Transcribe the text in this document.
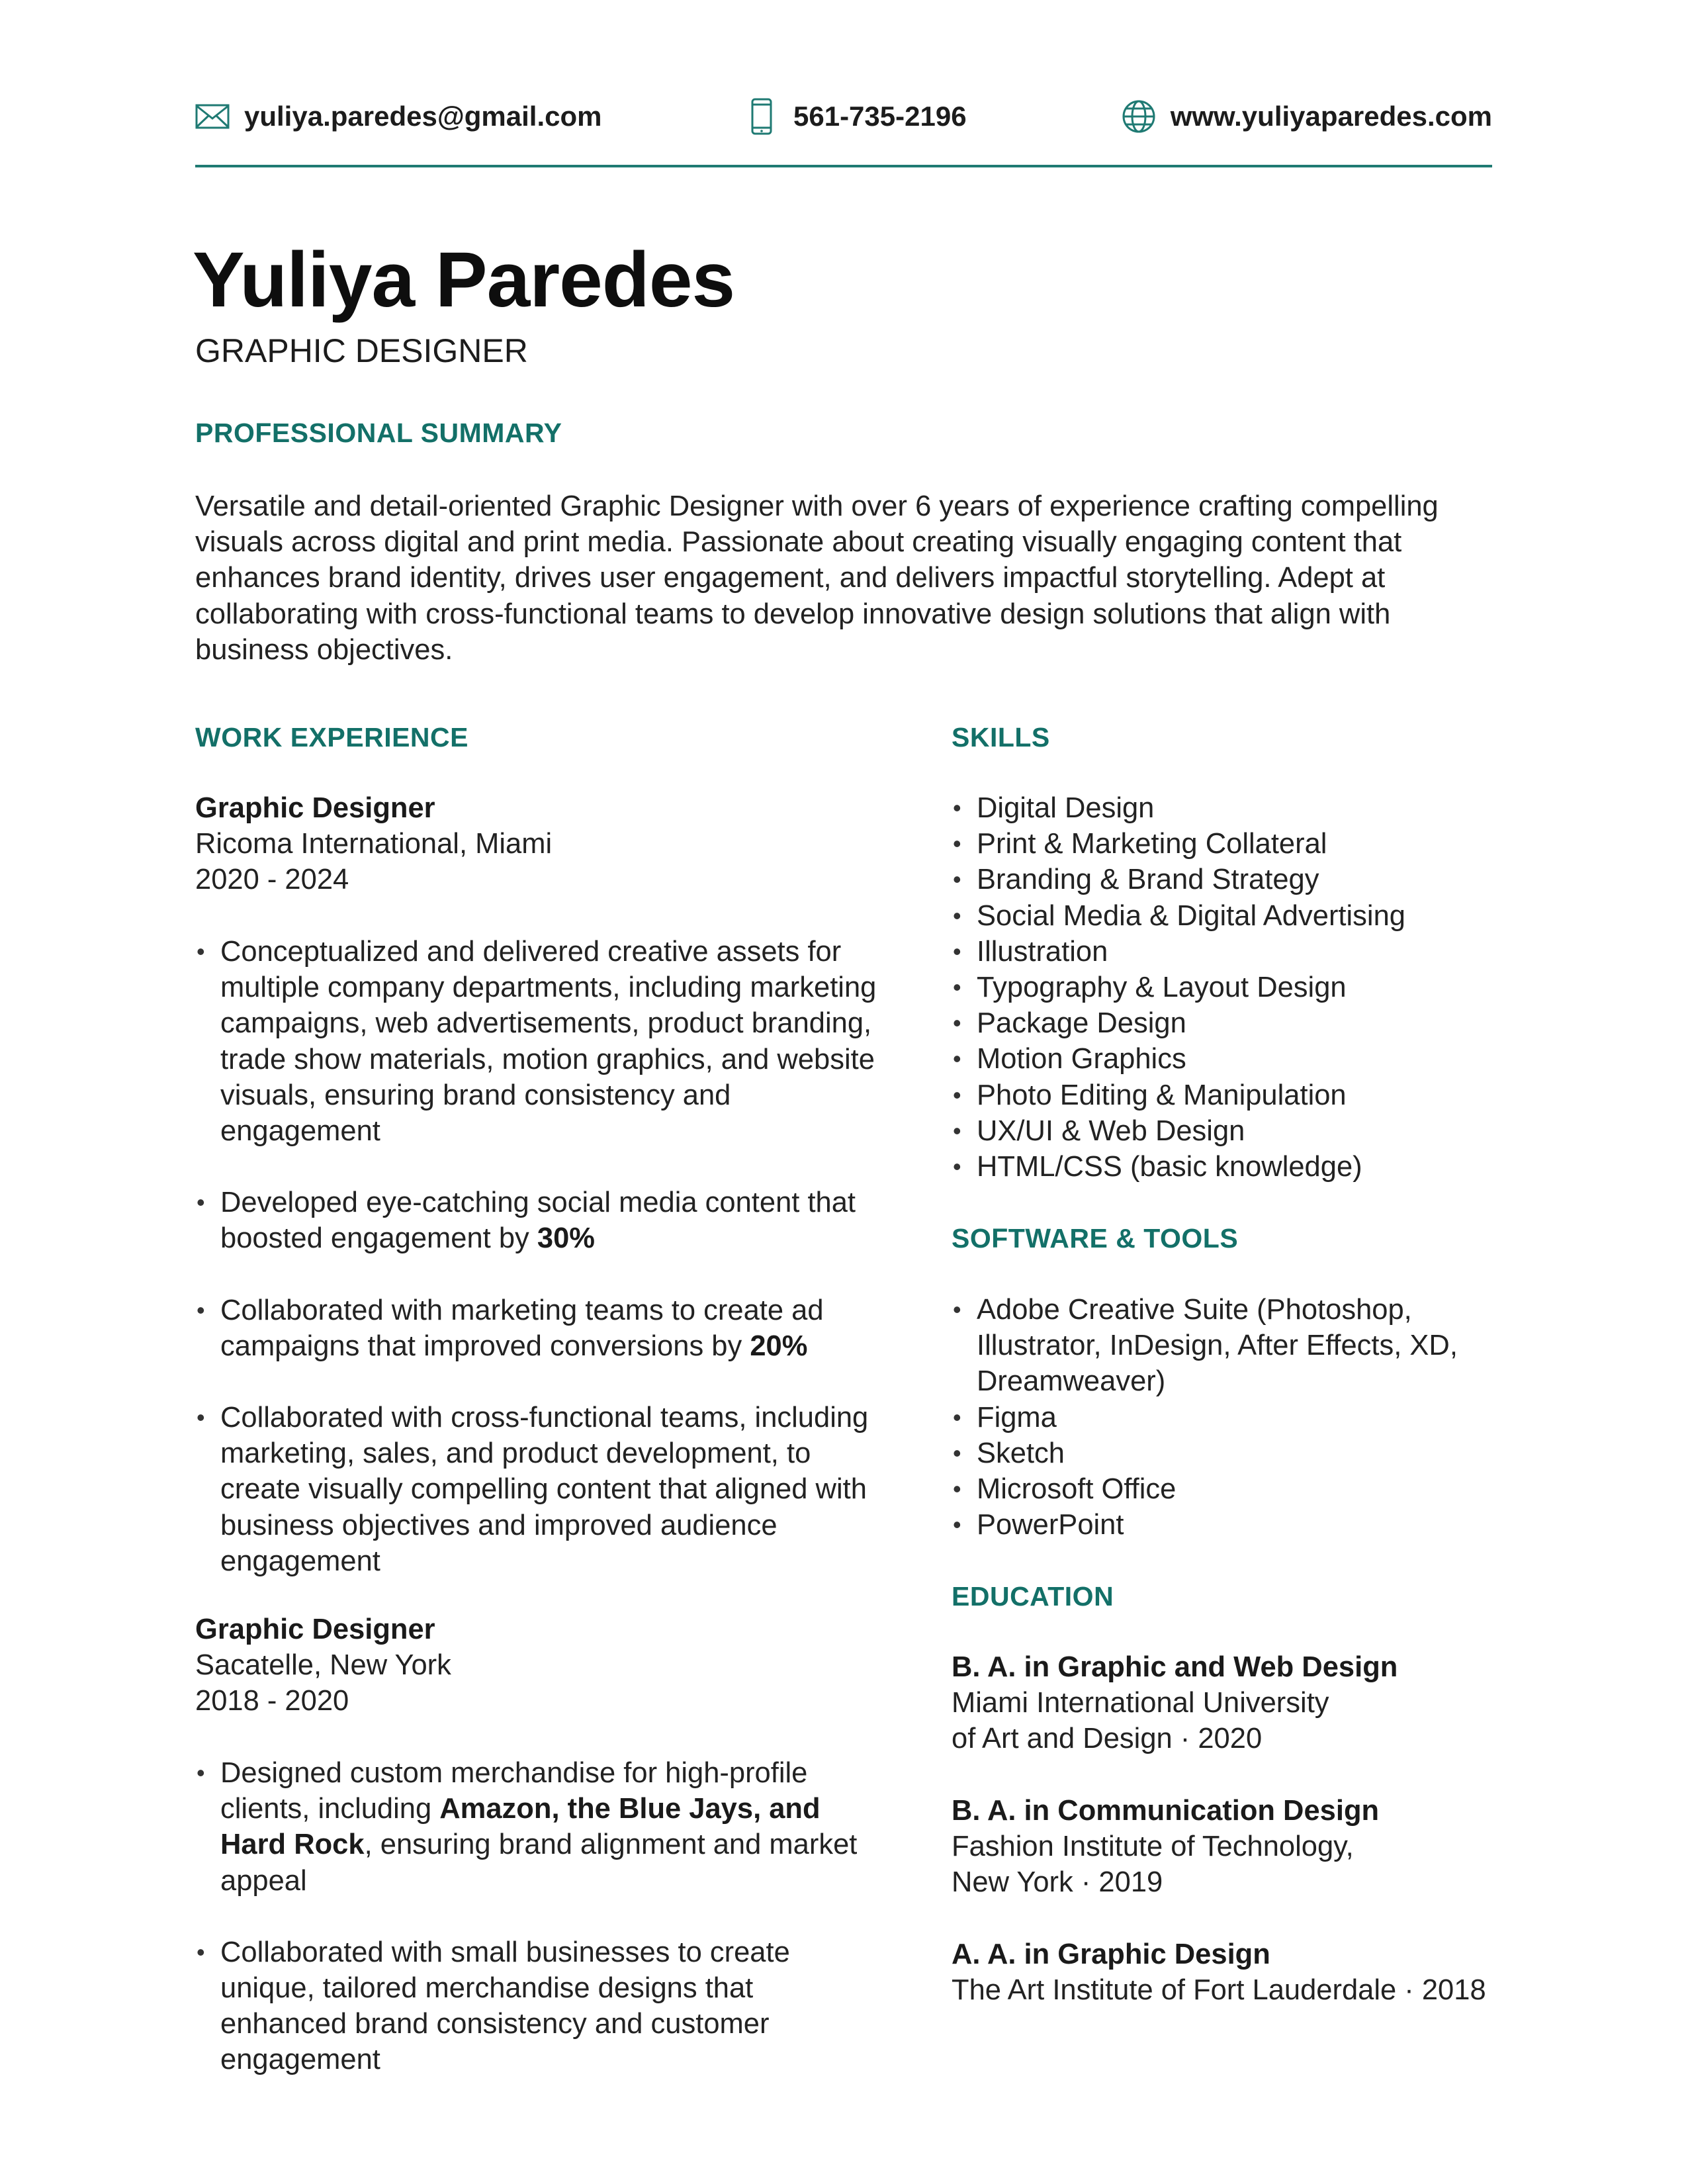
yuliya.paredes@gmail.com	561-735-2196	www.yuliyaparedes.com
Yuliya Paredes
GRAPHIC DESIGNER
PROFESSIONAL SUMMARY
Versatile and detail-oriented Graphic Designer with over 6 years of experience crafting compelling visuals across digital and print media. Passionate about creating visually engaging content that enhances brand identity, drives user engagement, and delivers impactful storytelling. Adept at collaborating with cross-functional teams to develop innovative design solutions that align with business objectives.
WORK EXPERIENCE
Graphic Designer
Ricoma International, Miami
2020 - 2024
• Conceptualized and delivered creative assets for multiple company departments, including marketing campaigns, web advertisements, product branding, trade show materials, motion graphics, and website visuals, ensuring brand consistency and engagement
• Developed eye-catching social media content that boosted engagement by 30%
• Collaborated with marketing teams to create ad campaigns that improved conversions by 20%
• Collaborated with cross-functional teams, including marketing, sales, and product development, to create visually compelling content that aligned with business objectives and improved audience engagement
Graphic Designer
Sacatelle, New York
2018 - 2020
• Designed custom merchandise for high-profile clients, including Amazon, the Blue Jays, and Hard Rock, ensuring brand alignment and market appeal
• Collaborated with small businesses to create unique, tailored merchandise designs that enhanced brand consistency and customer engagement
SKILLS
• Digital Design
• Print & Marketing Collateral
• Branding & Brand Strategy
• Social Media & Digital Advertising
• Illustration
• Typography & Layout Design
• Package Design
• Motion Graphics
• Photo Editing & Manipulation
• UX/UI & Web Design
• HTML/CSS (basic knowledge)
SOFTWARE & TOOLS
• Adobe Creative Suite (Photoshop, Illustrator, InDesign, After Effects, XD, Dreamweaver)
• Figma
• Sketch
• Microsoft Office
• PowerPoint
EDUCATION
B. A. in Graphic and Web Design
Miami International University
of Art and Design · 2020
B. A. in Communication Design
Fashion Institute of Technology,
New York · 2019
A. A. in Graphic Design
The Art Institute of Fort Lauderdale · 2018
